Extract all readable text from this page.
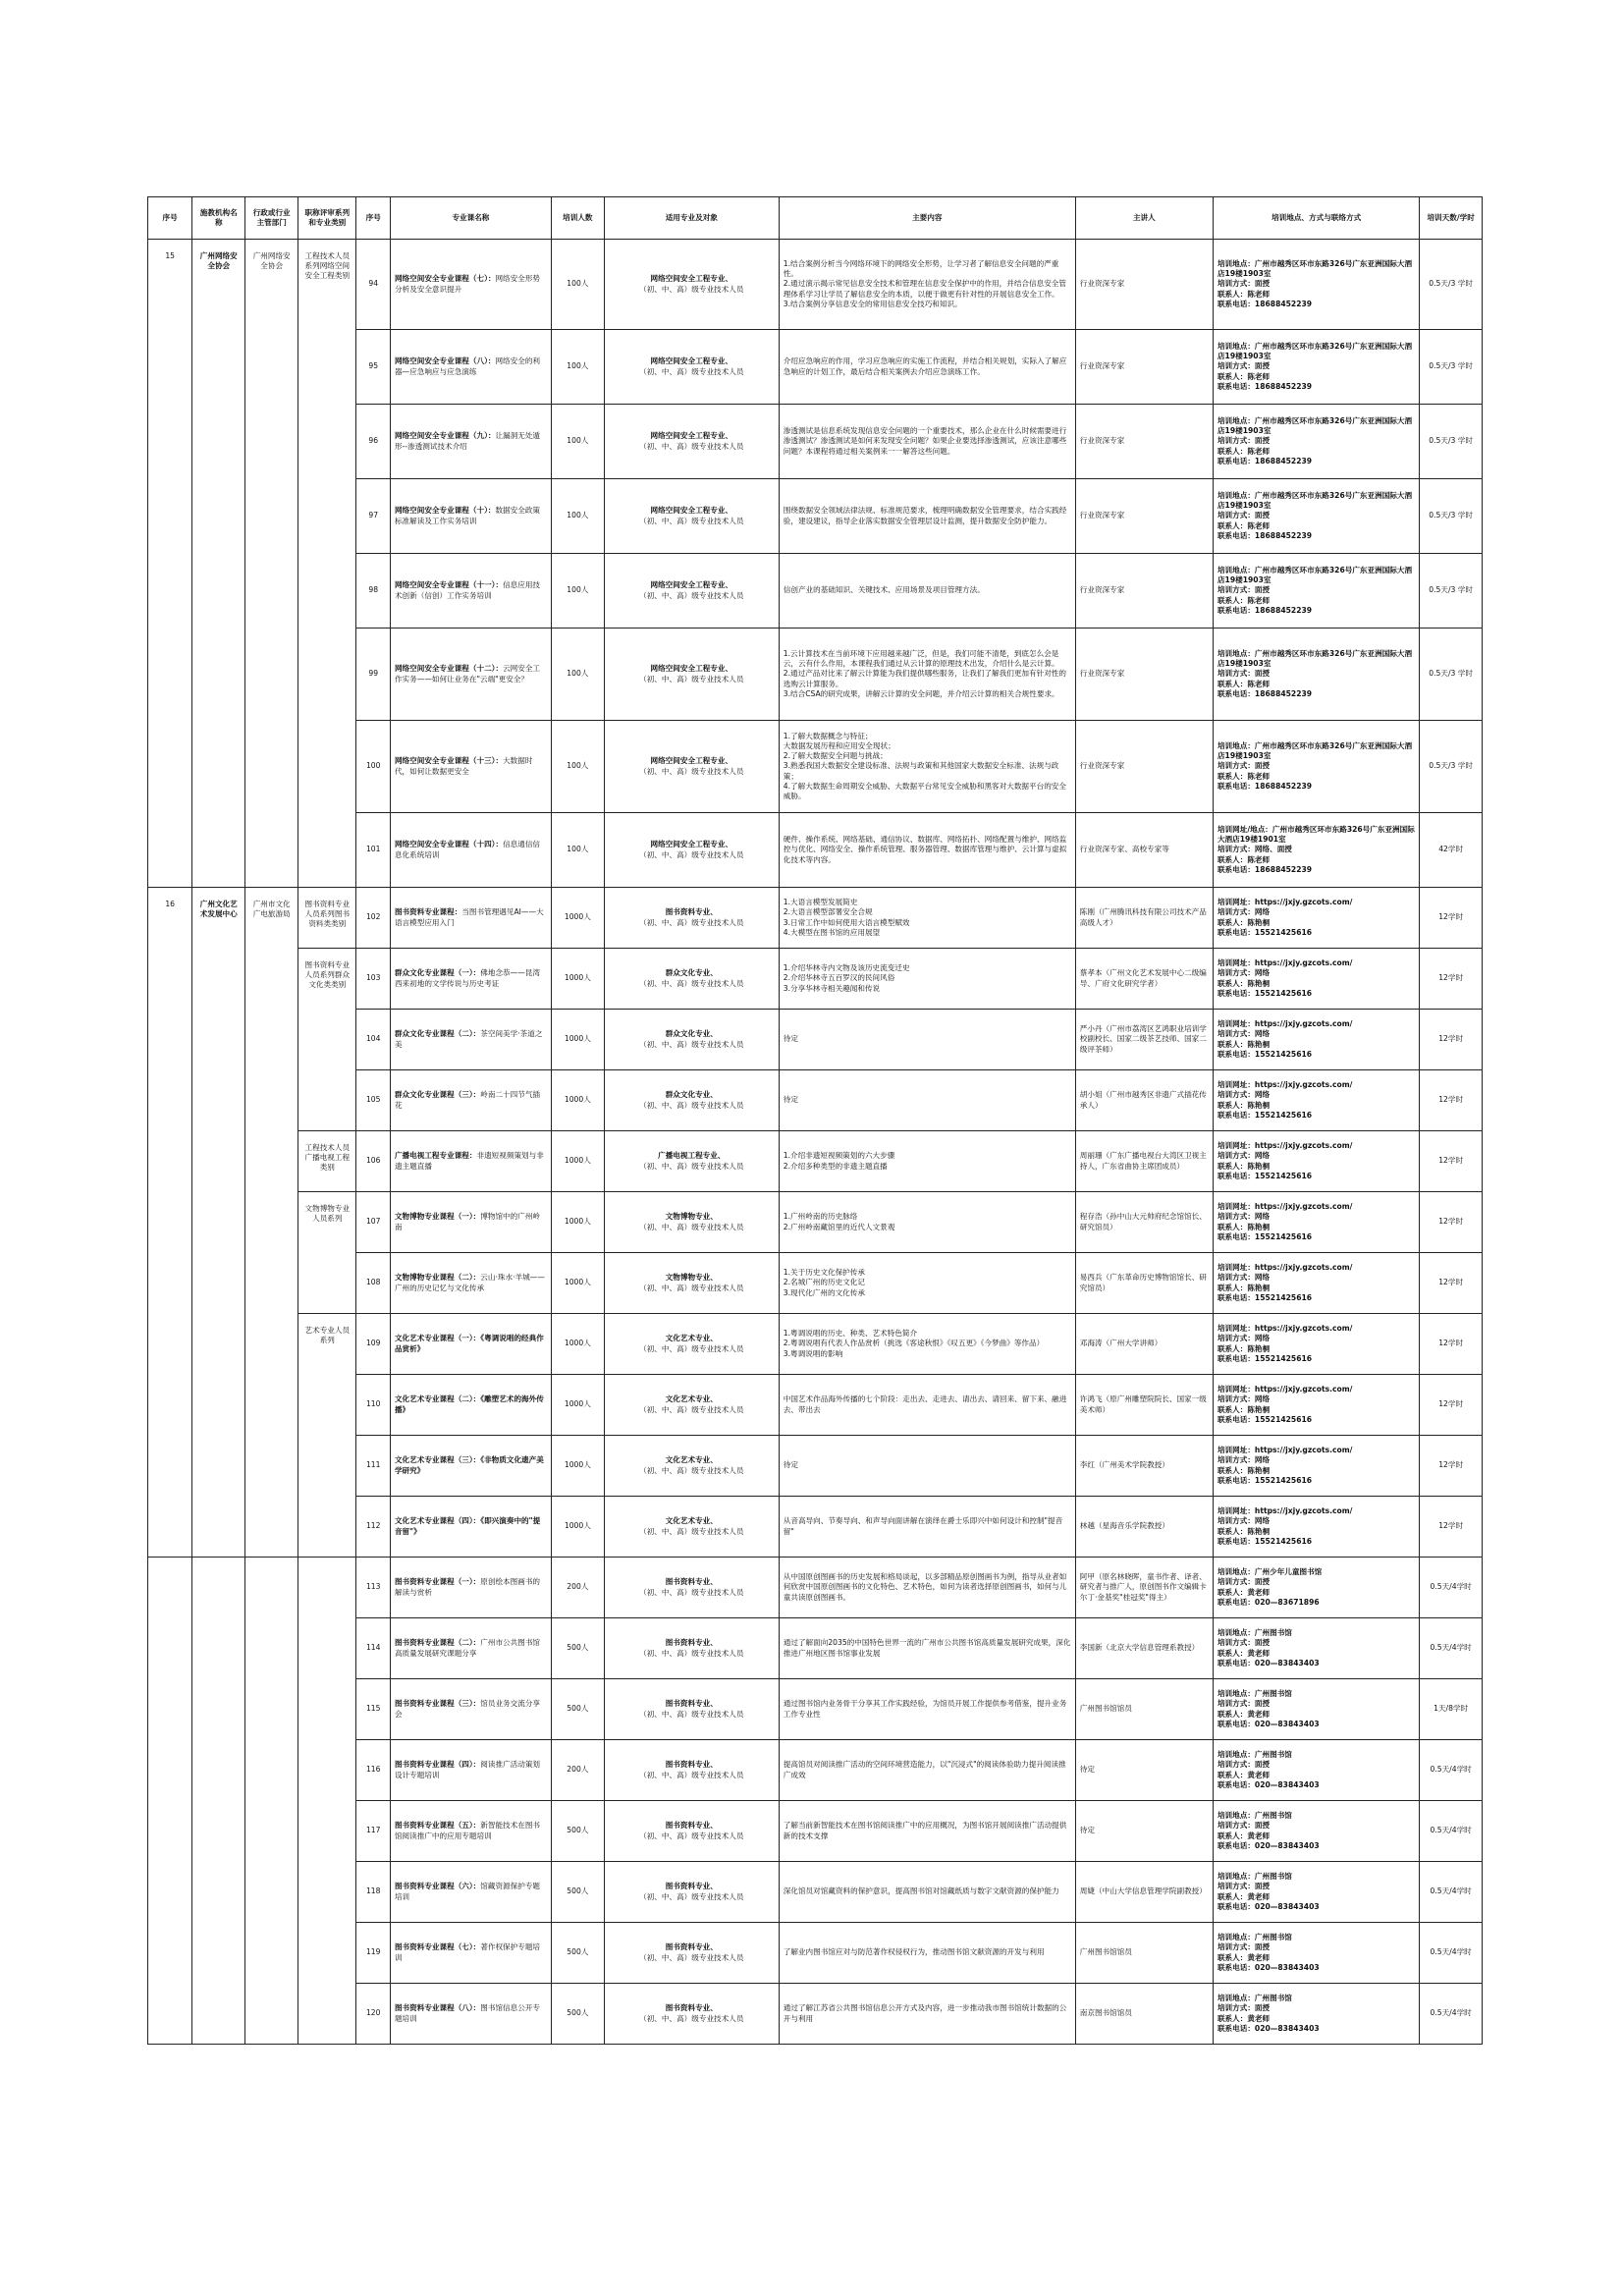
序号	施教机构名称	行政或行业主管部门	职称评审系列和专业类别	序号	专业课名称	培训人数	适用专业及对象	主要内容	主讲人	培训地点、方式与联络方式	培训天数/学时
15	广州网络安全协会	广州网络安全协会	工程技术人员系列网络空间安全工程类别	94	网络空间安全专业课程（七）：网络安全形势分析及安全意识提升	100人	网络空间安全工程专业、
（初、中、高）级专业技术人员	1.结合案例分析当今网络环境下的网络安全形势，让学习者了解信息安全问题的严重性。
2.通过演示揭示常见信息安全技术和管理在信息安全保护中的作用，并结合信息安全管理体系学习让学员了解信息安全的本质，以便于做更有针对性的开展信息安全工作。
3.结合案例分享信息安全的常用信息安全技巧和知识。	行业资深专家	培训地点：广州市越秀区环市东路326号广东亚洲国际大酒店19楼1903室
培训方式：面授
联系人：陈老师
联系电话：18688452239	0.5天/3 学时
				95	网络空间安全专业课程（八）：网络安全的利器—应急响应与应急演练	100人	网络空间安全工程专业、
（初、中、高）级专业技术人员	介绍应急响应的作用，学习应急响应的实施工作流程，并结合相关规划，实际入了解应急响应的计划工作，最后结合相关案例去介绍应急演练工作。	行业资深专家	培训地点：广州市越秀区环市东路326号广东亚洲国际大酒店19楼1903室
培训方式：面授
联系人：陈老师
联系电话：18688452239	0.5天/3 学时
				96	网络空间安全专业课程（九）：让漏洞无处遁形--渗透测试技术介绍	100人	网络空间安全工程专业、
（初、中、高）级专业技术人员	渗透测试是信息系统发现信息安全问题的一个重要技术，那么企业在什么时候需要进行渗透测试？渗透测试是如何来发现安全问题？如果企业要选择渗透测试，应该注意哪些问题？本课程将通过相关案例来一一解答这些问题。	行业资深专家	培训地点：广州市越秀区环市东路326号广东亚洲国际大酒店19楼1903室
培训方式：面授
联系人：陈老师
联系电话：18688452239	0.5天/3 学时
				97	网络空间安全专业课程（十）：数据安全政策标准解读及工作实务培训	100人	网络空间安全工程专业、
（初、中、高）级专业技术人员	围绕数据安全领域法律法规、标准规范要求，梳理明确数据安全管理要求，结合实践经验，建设建议，指导企业落实数据安全管理层设计监测，提升数据安全防护能力。	行业资深专家	培训地点：广州市越秀区环市东路326号广东亚洲国际大酒店19楼1903室
培训方式：面授
联系人：陈老师
联系电话：18688452239	0.5天/3 学时
				98	网络空间安全专业课程（十一）：信息应用技术创新（信创）工作实务培训	100人	网络空间安全工程专业、
（初、中、高）级专业技术人员	信创产业的基础知识、关键技术、应用场景及项目管理方法。	行业资深专家	培训地点：广州市越秀区环市东路326号广东亚洲国际大酒店19楼1903室
培训方式：面授
联系人：陈老师
联系电话：18688452239	0.5天/3 学时
				99	网络空间安全专业课程（十二）：云网安全工作实务——如何让业务在"云端"更安全？	100人	网络空间安全工程专业、
（初、中、高）级专业技术人员	1.云计算技术在当前环境下应用越来越广泛，但是，我们可能不清楚，到底怎么会是云，云有什么作用，本课程我们通过从云计算的原理技术出发，介绍什么是云计算。
2.通过产品对比来了解云计算能为我们提供哪些服务，让我们了解我们更加有针对性的选购云计算服务。
3.结合CSA的研究成果，讲解云计算的安全问题，并介绍云计算的相关合规性要求。	行业资深专家	培训地点：广州市越秀区环市东路326号广东亚洲国际大酒店19楼1903室
培训方式：面授
联系人：陈老师
联系电话：18688452239	0.5天/3 学时
				100	网络空间安全专业课程（十三）：大数据时代，如何让数据更安全	100人	网络空间安全工程专业、
（初、中、高）级专业技术人员	1.了解大数据概念与特征；
大数据发展历程和应用安全现状；
2.了解大数据安全问题与挑战；
3.熟悉我国大数据安全建设标准、法规与政策和其他国家大数据安全标准、法规与政策；
4.了解大数据生命周期安全威胁、大数据平台常见安全威胁和黑客对大数据平台的安全威胁。	行业资深专家	培训地点：广州市越秀区环市东路326号广东亚洲国际大酒店19楼1903室
培训方式：面授
联系人：陈老师
联系电话：18688452239	0.5天/3 学时
				101	网络空间安全专业课程（十四）：信息通信信息化系统培训	100人	网络空间安全工程专业、
（初、中、高）级专业技术人员	硬件、操作系统、网络基础、通信协议、数据库、网络拓扑、网络配置与维护、网络监控与优化、网络安全、操作系统管理、服务器管理、数据库管理与维护、云计算与虚拟化技术等内容。	行业资深专家、高校专家等	培训网址/地点：广州市越秀区环市东路326号广东亚洲国际大酒店19楼1901室
培训方式：网络、面授
联系人：陈老师
联系电话：18688452239	42学时
16	广州文化艺术发展中心	广州市文化广电旅游局	图书资料专业人员系列图书资料类类别	102	图书资料专业课程：当图书管理遇见AI——大语言模型应用入门	1000人	图书资料专业、
（初、中、高）级专业技术人员	1.大语言模型发展简史
2.大语言模型部署安全合规
3.日常工作中如何使用大语言模型赋效
4.大模型在图书馆的应用展望	陈刚（广州腾讯科技有限公司技术产品高级人才）	培训网址：https://jxjy.gzcots.com/
培训方式：网络
联系人：陈艳桐
联系电话：15521425616	12学时
			图书资料专业人员系列群众文化类类别	103	群众文化专业课程（一）：佛地念恭——昆湾西来初地的文学传说与历史考证	1000人	群众文化专业、
（初、中、高）级专业技术人员	1.介绍华林寺内文物及该历史流变迁史
2.介绍华林寺五百罗汉的民间风俗
3.分享华林寺相关趣闻和传说	蔡孝本（广州文化艺术发展中心二级编导、广府文化研究学者）	培训网址：https://jxjy.gzcots.com/
培训方式：网络
联系人：陈艳桐
联系电话：15521425616	12学时
				104	群众文化专业课程（二）：茶空间美学·茶道之美	1000人	群众文化专业、
（初、中、高）级专业技术人员	待定	严小丹（广州市荔湾区艺鸿职业培训学校副校长、国家二级茶艺技师、国家二级评茶师）	培训网址：https://jxjy.gzcots.com/
培训方式：网络
联系人：陈艳桐
联系电话：15521425616	12学时
				105	群众文化专业课程（三）：岭南二十四节气插花	1000人	群众文化专业、
（初、中、高）级专业技术人员	待定	胡小姐（广州市越秀区非遗广式插花传承人）	培训网址：https://jxjy.gzcots.com/
培训方式：网络
联系人：陈艳桐
联系电话：15521425616	12学时
			工程技术人员广播电视工程类别	106	广播电视工程专业课程：非遗短视频策划与非遗主题直播	1000人	广播电视工程专业、
（初、中、高）级专业技术人员	1.介绍非遗短视频策划的六大步骤
2.介绍多种类型的非遗主题直播	周丽珊（广东广播电视台大湾区卫视主持人，广东省曲协主席团成员）	培训网址：https://jxjy.gzcots.com/
培训方式：网络
联系人：陈艳桐
联系电话：15521425616	12学时
			文物博物专业人员系列	107	文物博物专业课程（一）：博物馆中的广州岭南	1000人	文物博物专业、
（初、中、高）级专业技术人员	1.广州岭南的历史脉络
2.广州岭南藏馆里的近代人文景观	程存浩（孙中山大元帅府纪念馆馆长、研究馆员）	培训网址：https://jxjy.gzcots.com/
培训方式：网络
联系人：陈艳桐
联系电话：15521425616	12学时
				108	文物博物专业课程（二）：云山·珠水·羊城——广州的历史记忆与文化传承	1000人	文物博物专业、
（初、中、高）级专业技术人员	1.关于历史文化保护传承
2.名城广州的历史文化记
3.现代化广州的文化传承	易西兵（广东革命历史博物馆馆长、研究馆员）	培训网址：https://jxjy.gzcots.com/
培训方式：网络
联系人：陈艳桐
联系电话：15521425616	12学时
			艺术专业人员系列	109	文化艺术专业课程（一）：《粤调说唱的经典作品赏析》	1000人	文化艺术专业、
（初、中、高）级专业技术人员	1.粤调说唱的历史、种类、艺术特色简介
2.粤调说唱有代表人作品赏析（挑选《客途秋恨》《叹五更》《今梦曲》等作品）
3.粤调说唱的影响	邓海涛（广州大学讲师）	培训网址：https://jxjy.gzcots.com/
培训方式：网络
联系人：陈艳桐
联系电话：15521425616	12学时
				110	文化艺术专业课程（二）：《雕塑艺术的海外传播》	1000人	文化艺术专业、
（初、中、高）级专业技术人员	中国艺术作品海外传播的七个阶段：走出去、走进去、请出去、请回来、留下来、融进去、带出去	许鸿飞（原广州雕塑院院长、国家一级美术师）	培训网址：https://jxjy.gzcots.com/
培训方式：网络
联系人：陈艳桐
联系电话：15521425616	12学时
				111	文化艺术专业课程（三）：《非物质文化遗产美学研究》	1000人	文化艺术专业、
（初、中、高）级专业技术人员	待定	李红（广州美术学院教授）	培训网址：https://jxjy.gzcots.com/
培训方式：网络
联系人：陈艳桐
联系电话：15521425616	12学时
				112	文化艺术专业课程（四）：《即兴演奏中的"提音留"》	1000人	文化艺术专业、
（初、中、高）级专业技术人员	从音高导向、节奏导向、和声导向面讲解在演绎在爵士乐即兴中如何设计和控制"提音留"	林越（星海音乐学院教授）	培训网址：https://jxjy.gzcots.com/
培训方式：网络
联系人：陈艳桐
联系电话：15521425616	12学时
				113	图书资料专业课程（一）：原创绘本图画书的解读与赏析	200人	图书资料专业、
（初、中、高）级专业技术人员	从中国原创图画书的历史发展和格局谈起，以多部精品原创图画书为例，指导从业者如何欣赏中国原创图画书的文化特色、艺术特色，如何为读者选择原创图画书，如何与儿童共读原创图画书。	阿甲（原名林晓晖，童书作者、译者、研究者与推广人，原创图书作文编辑卡尔丁·金基奖"桂冠奖"得主）	培训地点：广州少年儿童图书馆
培训方式：面授
联系人：黄老师
联系电话：020—83671896	0.5天/4学时
				114	图书资料专业课程（二）：广州市公共图书馆高质量发展研究课题分享	500人	图书资料专业、
（初、中、高）级专业技术人员	通过了解面向2035的中国特色世界一流的广州市公共图书馆高质量发展研究成果，深化推进广州地区图书馆事业发展	李国新（北京大学信息管理系教授）	培训地点：广州图书馆
培训方式：面授
联系人：黄老师
联系电话：020—83843403	0.5天/4学时
				115	图书资料专业课程（三）：馆员业务交流分享会	500人	图书资料专业、
（初、中、高）级专业技术人员	通过图书馆内业务骨干分享其工作实践经验，为馆员开展工作提供参考借鉴，提升业务工作专业性	广州图书馆馆员	培训地点：广州图书馆
培训方式：面授
联系人：黄老师
联系电话：020—83843403	1天/8学时
				116	图书资料专业课程（四）：阅读推广活动策划设计专题培训	200人	图书资料专业、
（初、中、高）级专业技术人员	提高馆员对阅读推广活动的空间环境营造能力，以"沉浸式"的阅读体验助力提升阅读推广成效	待定	培训地点：广州图书馆
培训方式：面授
联系人：黄老师
联系电话：020—83843403	0.5天/4学时
				117	图书资料专业课程（五）：新智能技术在图书馆阅读推广中的应用专题培训	500人	图书资料专业、
（初、中、高）级专业技术人员	了解当前新智能技术在图书馆阅读推广中的应用概况，为图书馆开展阅读推广活动提供新的技术支撑	待定	培训地点：广州图书馆
培训方式：面授
联系人：黄老师
联系电话：020—83843403	0.5天/4学时
				118	图书资料专业课程（六）：馆藏资源保护专题培训	500人	图书资料专业、
（初、中、高）级专业技术人员	深化馆员对馆藏资料的保护意识，提高图书馆对馆藏纸质与数字文献资源的保护能力	周婕（中山大学信息管理学院副教授）	培训地点：广州图书馆
培训方式：面授
联系人：黄老师
联系电话：020—83843403	0.5天/4学时
				119	图书资料专业课程（七）：著作权保护专题培训	500人	图书资料专业、
（初、中、高）级专业技术人员	了解业内图书馆应对与防范著作权侵权行为，推动图书馆文献资源的开发与利用	广州图书馆馆员	培训地点：广州图书馆
培训方式：面授
联系人：黄老师
联系电话：020—83843403	0.5天/4学时
				120	图书资料专业课程（八）：图书馆信息公开专题培训	500人	图书资料专业、
（初、中、高）级专业技术人员	通过了解江苏省公共图书馆信息公开方式及内容，进一步推动我市图书馆统计数据的公开与利用	南京图书馆馆员	培训地点：广州图书馆
培训方式：面授
联系人：黄老师
联系电话：020—83843403	0.5天/4学时
